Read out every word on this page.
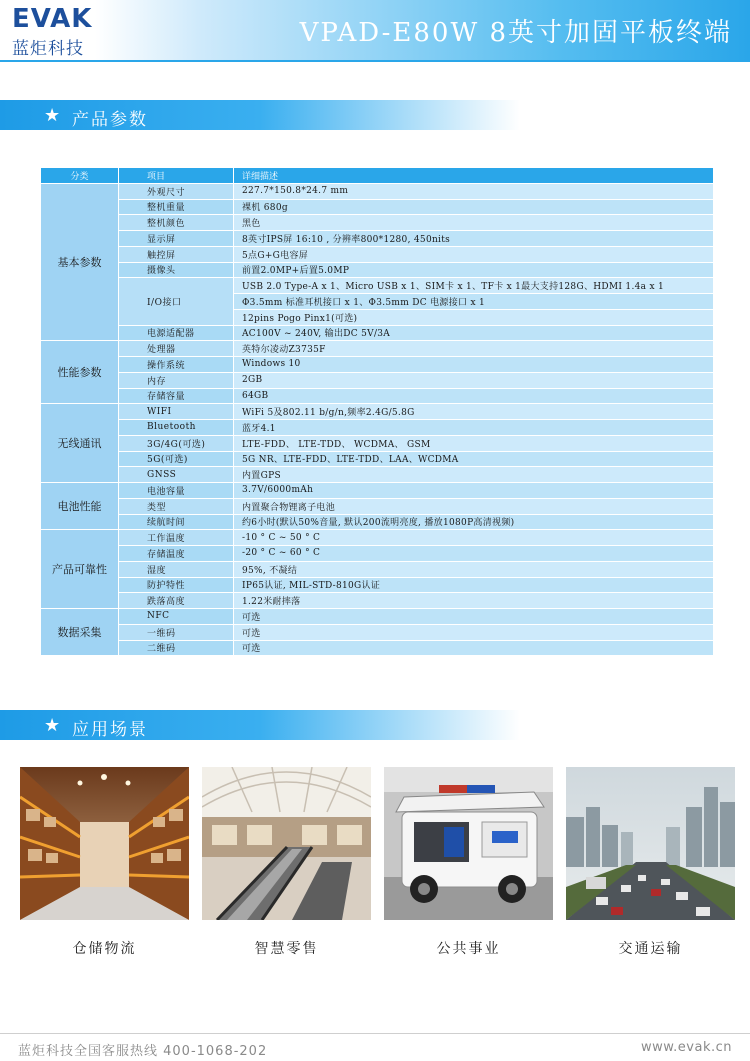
EVAK
蓝炬科技
VPAD-E80W 8英寸加固平板终端
★ 产品参数
分类	项目	详细描述
基本参数	外观尺寸	227.7*150.8*24.7 mm
	整机重量	裸机 680g
	整机颜色	黑色
	显示屏	8英寸IPS屏 16:10 , 分辨率800*1280, 450nits
	触控屏	5点G+G电容屏
	摄像头	前置2.0MP+后置5.0MP
	I/O接口	USB 2.0 Type-A x 1、Micro USB x 1、SIM卡 x 1、TF卡 x 1最大支持128G、HDMI 1.4a x 1
		Φ3.5mm 标准耳机接口 x 1、Φ3.5mm DC 电源接口 x 1
		12pins Pogo Pinx1(可选)
	电源适配器	AC100V ~ 240V, 输出DC 5V/3A
性能参数	处理器	英特尔凌动Z3735F
	操作系统	Windows 10
	内存	2GB
	存储容量	64GB
无线通讯	WIFI	WiFi 5及802.11 b/g/n,频率2.4G/5.8G
	Bluetooth	蓝牙4.1
	3G/4G(可选)	LTE-FDD、 LTE-TDD、 WCDMA、 GSM
	5G(可选)	5G NR、LTE-FDD、LTE-TDD、LAA、WCDMA
	GNSS	内置GPS
电池性能	电池容量	3.7V/6000mAh
	类型	内置聚合物锂离子电池
	续航时间	约6小时(默认50%音量, 默认200流明亮度, 播放1080P高清视频)
产品可靠性	工作温度	-10 ° C ~ 50 ° C
	存储温度	-20 ° C ~ 60 ° C
	湿度	95%, 不凝结
	防护特性	IP65认证, MIL-STD-810G认证
	跌落高度	1.22米耐摔落
数据采集	NFC	可选
	一维码	可选
	二维码	可选
★ 应用场景
仓储物流	智慧零售	公共事业	交通运输
蓝炬科技全国客服热线 400-1068-202	www.evak.cn
